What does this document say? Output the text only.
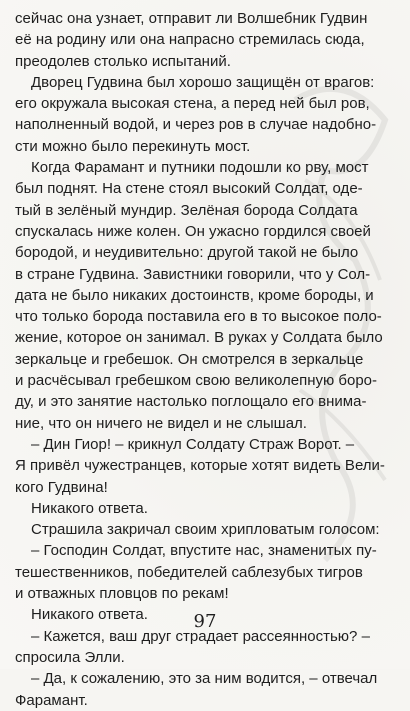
сейчас она узнает, отправит ли Волшебник Гудвин
её на родину или она напрасно стремилась сюда,
преодолев столько испытаний.

Дворец Гудвина был хорошо защищён от врагов:
его окружала высокая стена, а перед ней был ров,
наполненный водой, и через ров в случае надобно-
сти можно было перекинуть мост.

Когда Фарамант и путники подошли ко рву, мост
был поднят. На стене стоял высокий Солдат, оде-
тый в зелёный мундир. Зелёная борода Солдата
спускалась ниже колен. Он ужасно гордился своей
бородой, и неудивительно: другой такой не было
в стране Гудвина. Завистники говорили, что у Сол-
дата не было никаких достоинств, кроме бороды, и
что только борода поставила его в то высокое поло-
жение, которое он занимал. В руках у Солдата было
зеркальце и гребешок. Он смотрелся в зеркальце
и расчёсывал гребешком свою великолепную боро-
ду, и это занятие настолько поглощало его внима-
ние, что он ничего не видел и не слышал.

– Дин Гиор! – крикнул Солдату Страж Ворот. –
Я привёл чужестранцев, которые хотят видеть Вели-
кого Гудвина!

Никакого ответа.

Страшила закричал своим хрипловатым голосом:

– Господин Солдат, впустите нас, знаменитых пу-
тешественников, победителей саблезубых тигров
и отважных пловцов по рекам!

Никакого ответа.

– Кажется, ваш друг страдает рассеянностью? –
спросила Элли.

– Да, к сожалению, это за ним водится, – отвечал
Фарамант.

97
